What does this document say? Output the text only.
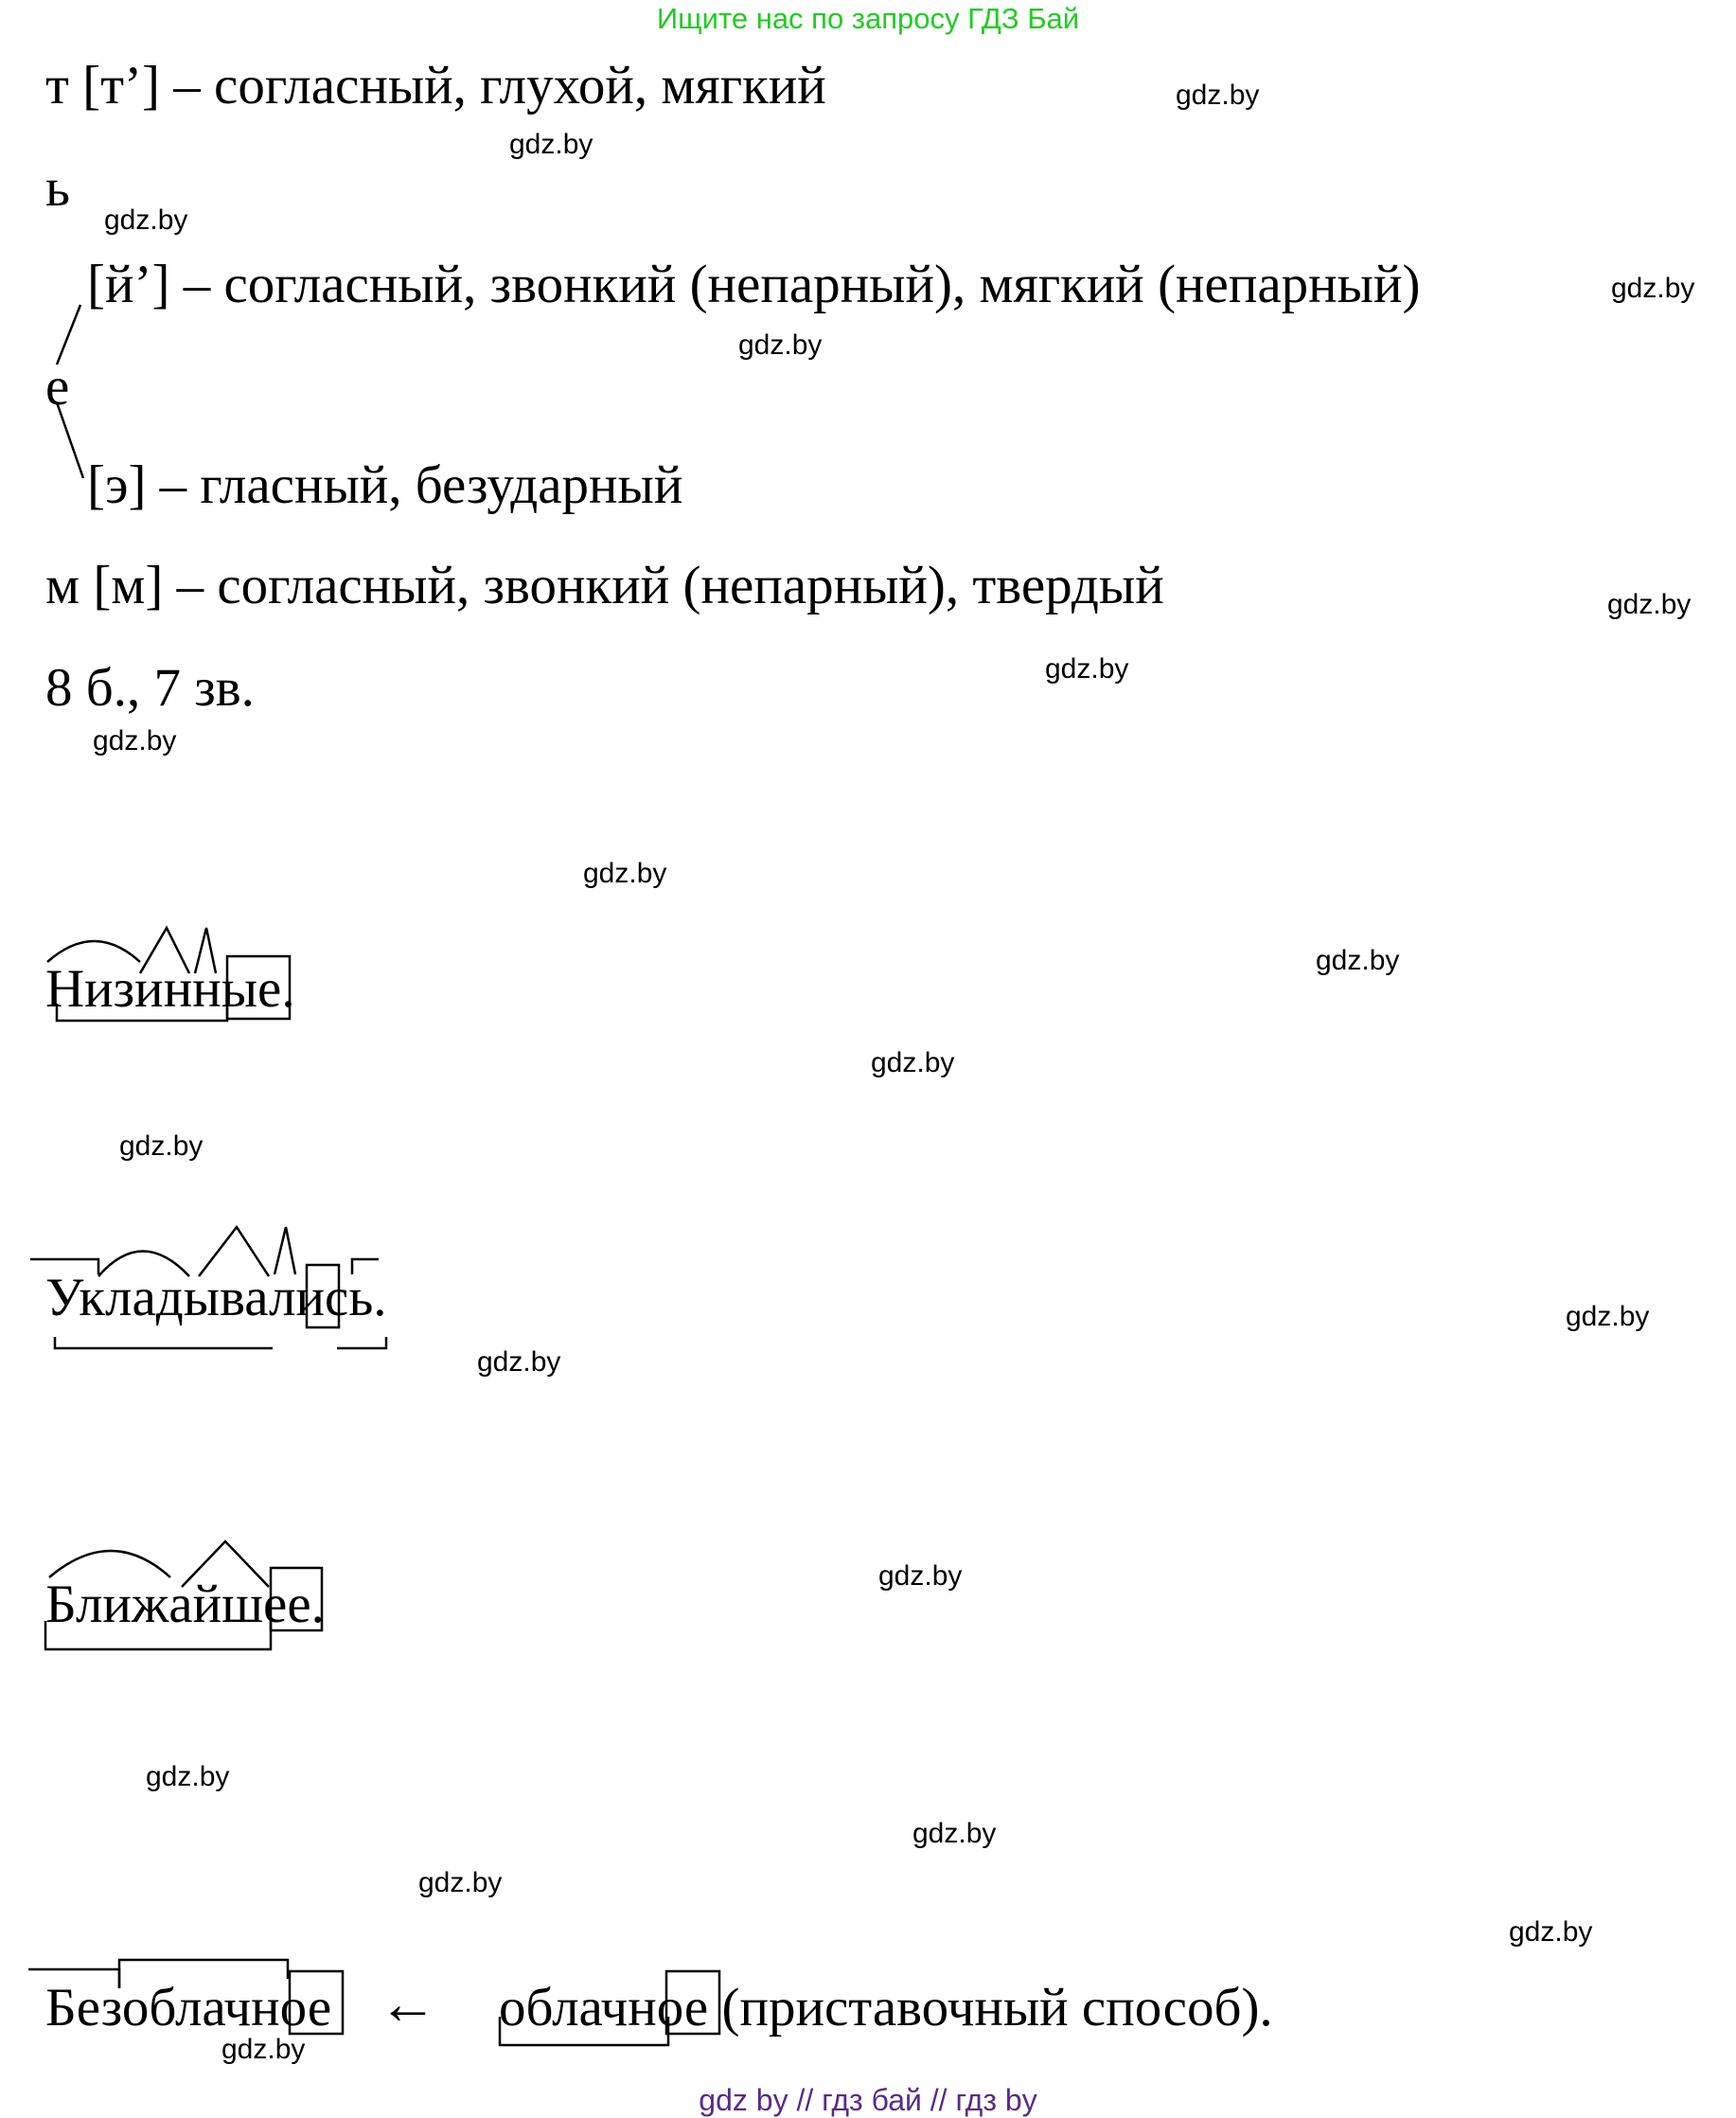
Ищите нас по запросу ГДЗ Бай
т [т’] – согласный, глухой, мягкий
ь
[й’] – согласный, звонкий (непарный), мягкий (непарный)
е
[э] – гласный, безударный
м [м] – согласный, звонкий (непарный), твердый
8 б., 7 зв.
Низинные.
Укладывались.
Ближайшее.
Безоблачное ← облачное (приставочный способ).
gdz.by
gdz.by
gdz.by
gdz.by
gdz.by
gdz.by
gdz.by
gdz.by
gdz.by
gdz.by
gdz.by
gdz.by
gdz.by
gdz.by
gdz.by
gdz.by
gdz.by
gdz.by
gdz.by
gdz.by
gdz by // гдз бай // гдз by
